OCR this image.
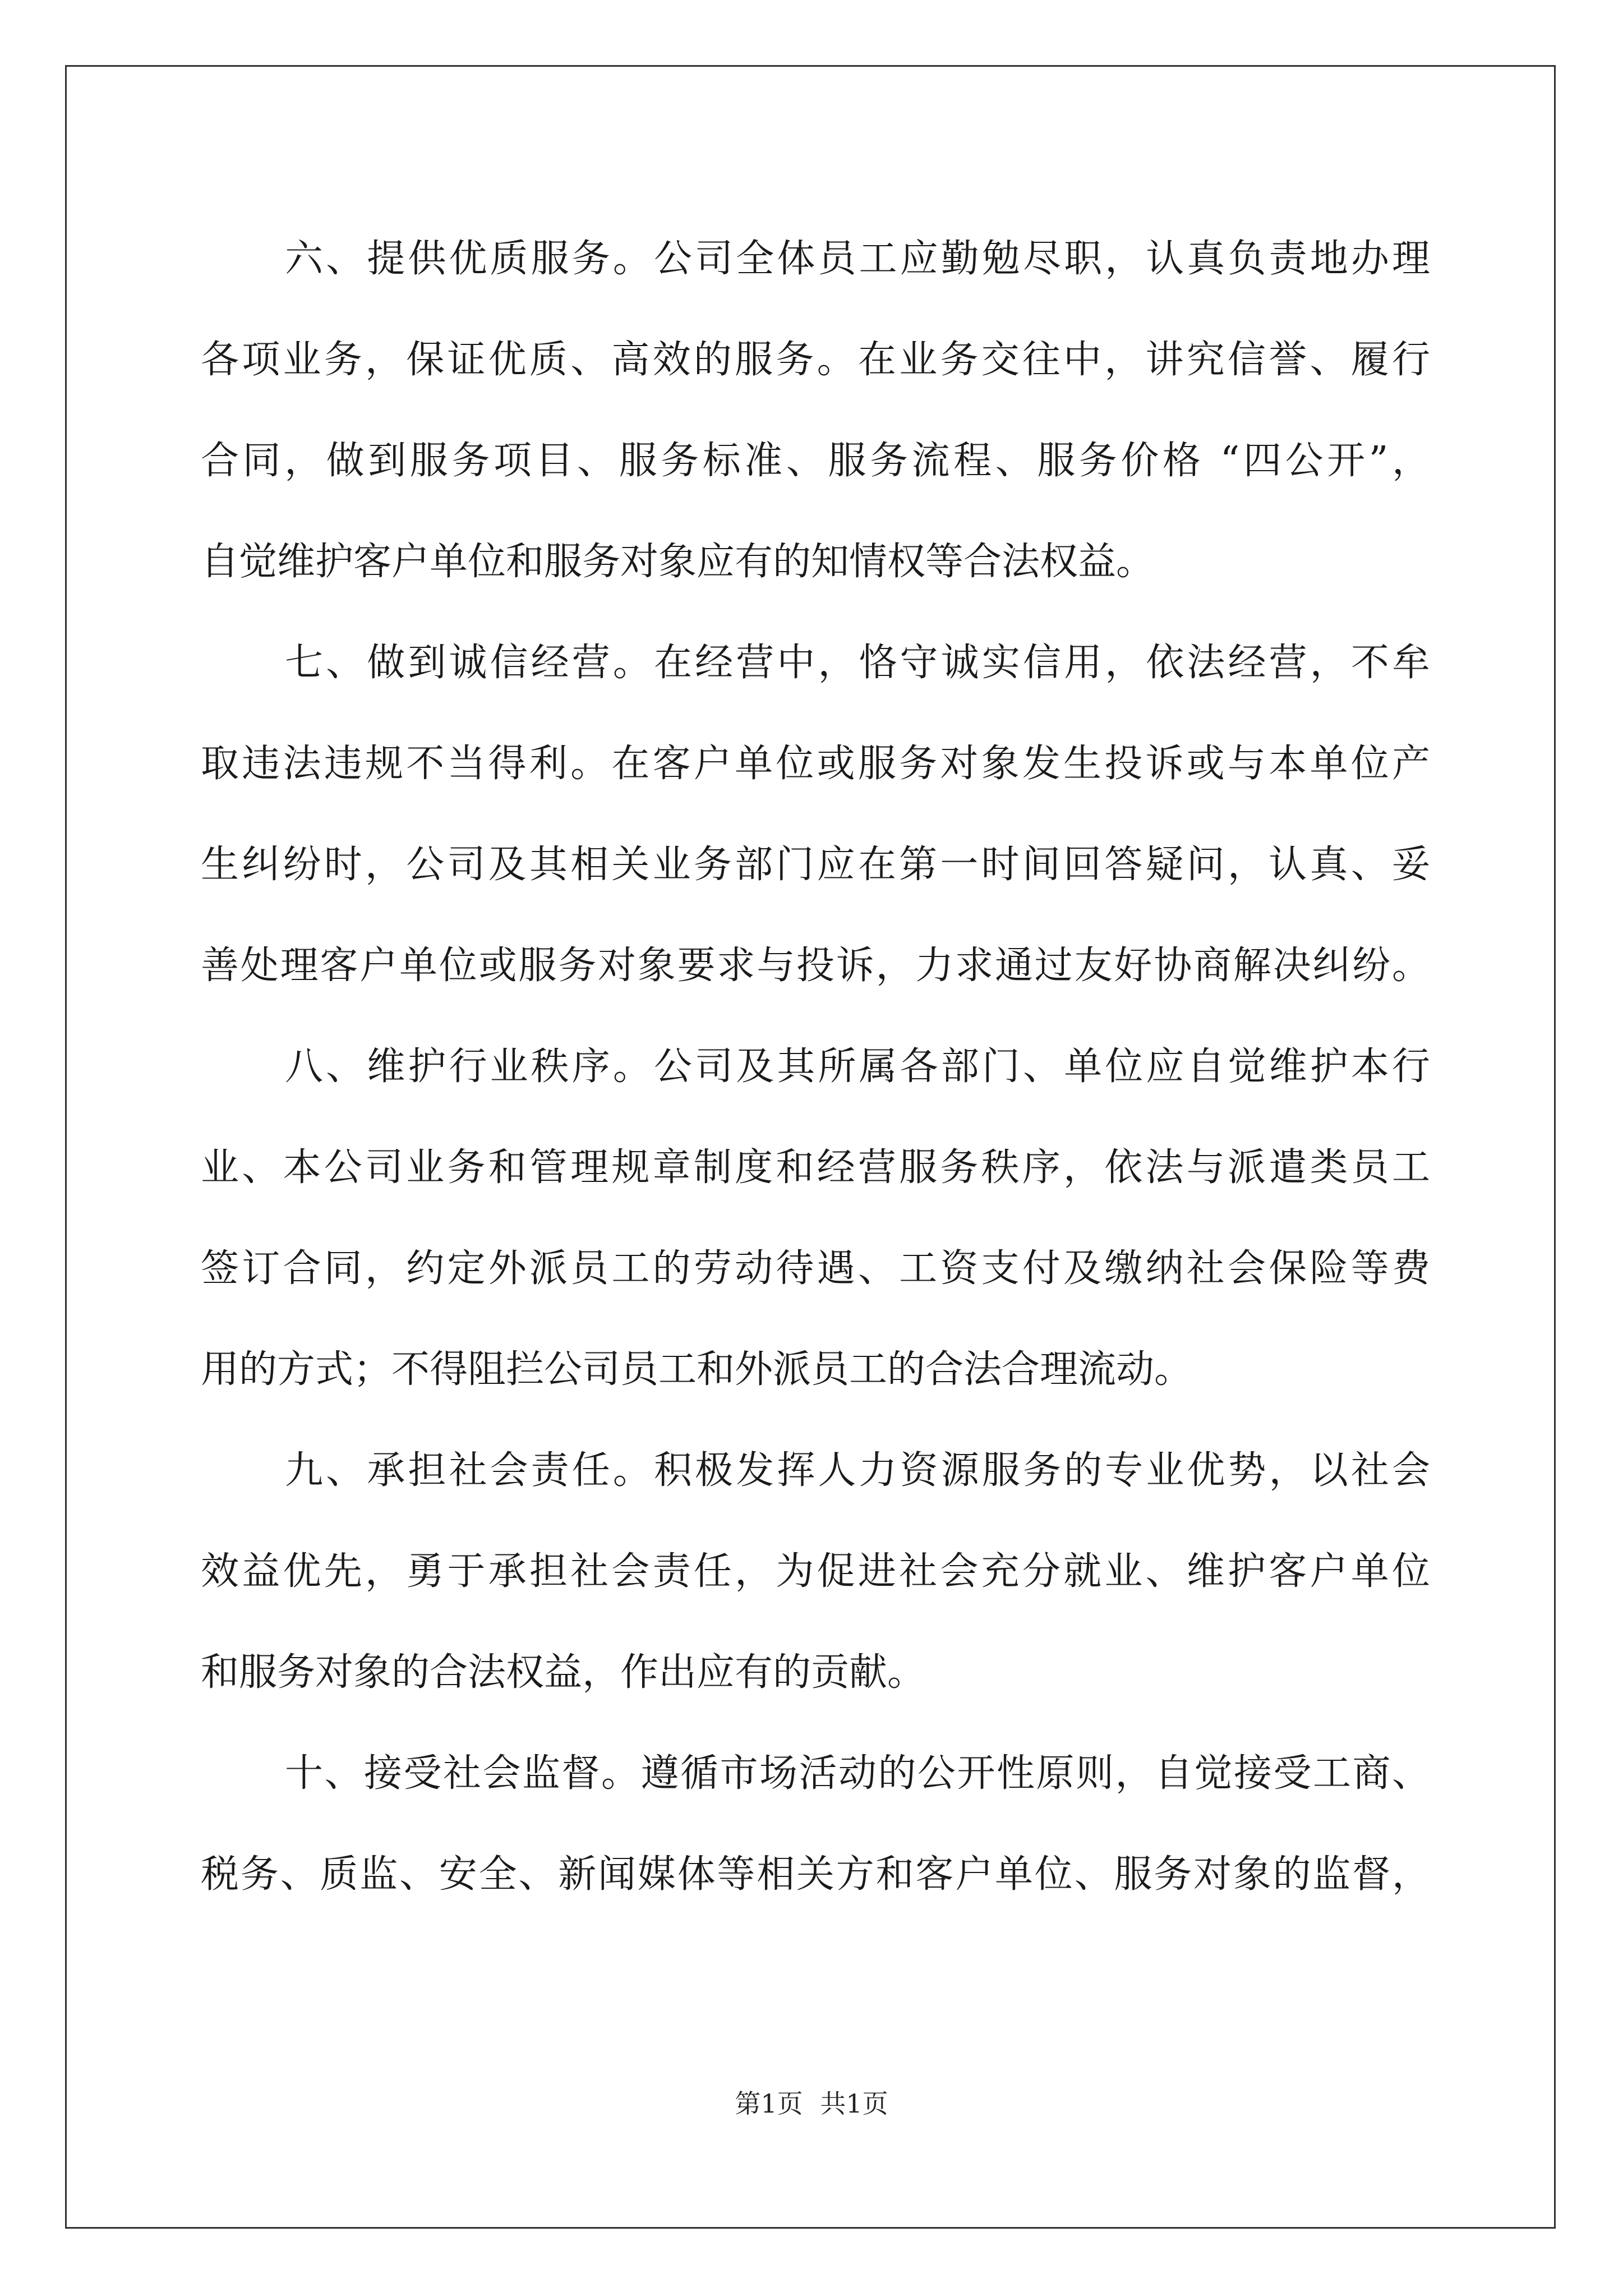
六、提供优质服务。公司全体员工应勤勉尽职，认真负责地办理
各项业务，保证优质、高效的服务。在业务交往中，讲究信誉、履行
合同，做到服务项目、服务标准、服务流程、服务价格 “四公开”，
自觉维护客户单位和服务对象应有的知情权等合法权益。
七、做到诚信经营。在经营中，恪守诚实信用，依法经营，不牟
取违法违规不当得利。在客户单位或服务对象发生投诉或与本单位产
生纠纷时，公司及其相关业务部门应在第一时间回答疑问，认真、妥
善处理客户单位或服务对象要求与投诉，力求通过友好协商解决纠纷。
八、维护行业秩序。公司及其所属各部门、单位应自觉维护本行
业、本公司业务和管理规章制度和经营服务秩序，依法与派遣类员工
签订合同，约定外派员工的劳动待遇、工资支付及缴纳社会保险等费
用的方式；不得阻拦公司员工和外派员工的合法合理流动。
九、承担社会责任。积极发挥人力资源服务的专业优势，以社会
效益优先，勇于承担社会责任，为促进社会充分就业、维护客户单位
和服务对象的合法权益，作出应有的贡献。
十、接受社会监督。遵循市场活动的公开性原则，自觉接受工商、
税务、质监、安全、新闻媒体等相关方和客户单位、服务对象的监督，
第1页 共1页
